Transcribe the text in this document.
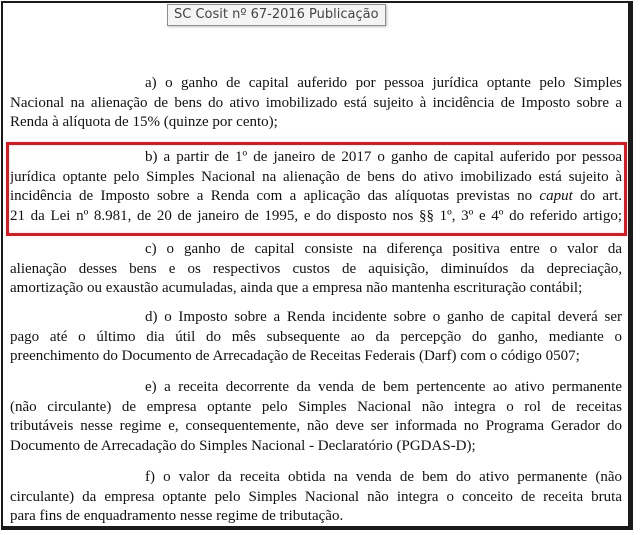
SC Cosit nº 67-2016 Publicação

a) o ganho de capital auferido por pessoa jurídica optante pelo Simples
Nacional na alienação de bens do ativo imobilizado está sujeito à incidência de Imposto sobre a
Renda à alíquota de 15% (quinze por cento);

b) a partir de 1º de janeiro de 2017 o ganho de capital auferido por pessoa
jurídica optante pelo Simples Nacional na alienação de bens do ativo imobilizado está sujeito à
incidência de Imposto sobre a Renda com a aplicação das alíquotas previstas no caput do art.
21 da Lei nº 8.981, de 20 de janeiro de 1995, e do disposto nos §§ 1º, 3º e 4º do referido artigo;

c) o ganho de capital consiste na diferença positiva entre o valor da
alienação desses bens e os respectivos custos de aquisição, diminuídos da depreciação,
amortização ou exaustão acumuladas, ainda que a empresa não mantenha escrituração contábil;

d) o Imposto sobre a Renda incidente sobre o ganho de capital deverá ser
pago até o último dia útil do mês subsequente ao da percepção do ganho, mediante o
preenchimento do Documento de Arrecadação de Receitas Federais (Darf) com o código 0507;

e) a receita decorrente da venda de bem pertencente ao ativo permanente
(não circulante) de empresa optante pelo Simples Nacional não integra o rol de receitas
tributáveis nesse regime e, consequentemente, não deve ser informada no Programa Gerador do
Documento de Arrecadação do Simples Nacional - Declaratório (PGDAS-D);

f) o valor da receita obtida na venda de bem do ativo permanente (não
circulante) da empresa optante pelo Simples Nacional não integra o conceito de receita bruta
para fins de enquadramento nesse regime de tributação.
